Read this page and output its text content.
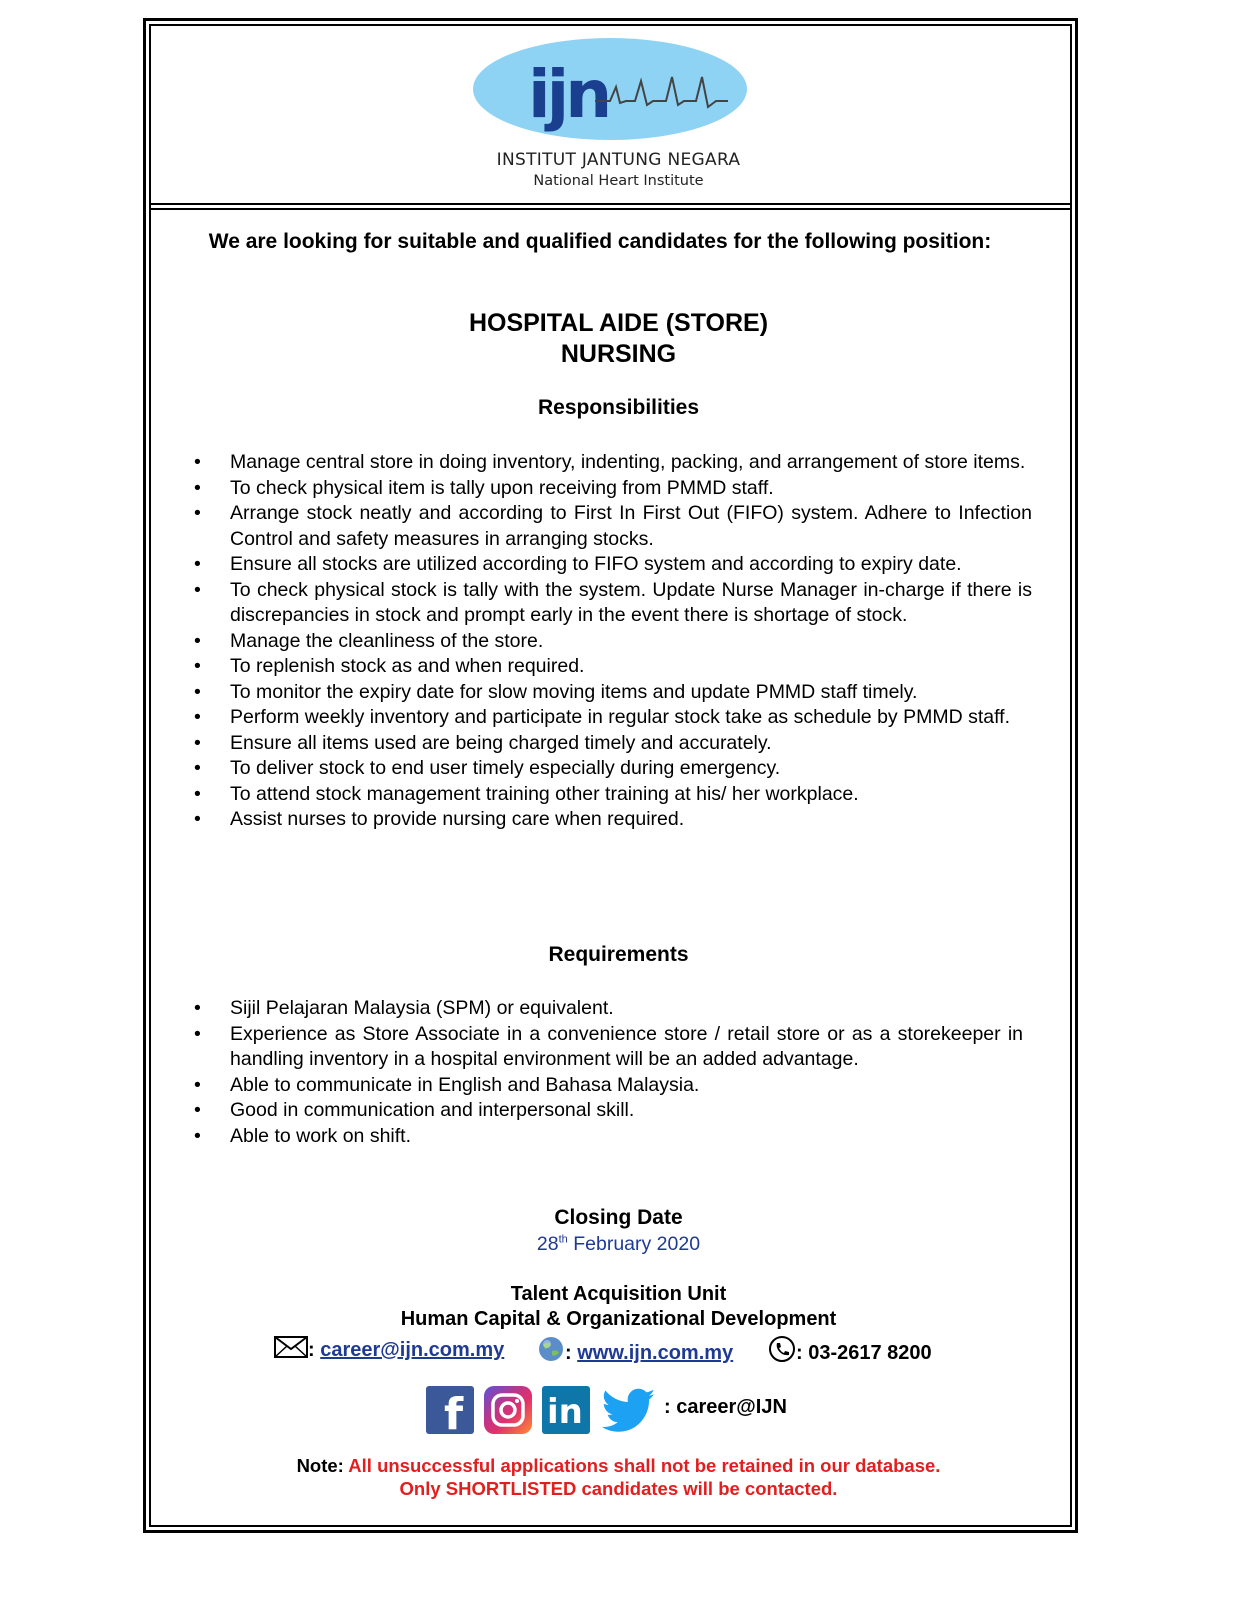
ijn
INSTITUT JANTUNG NEGARA
National Heart Institute
We are looking for suitable and qualified candidates for the following position:
HOSPITAL AIDE (STORE)
NURSING
Responsibilities
• Manage central store in doing inventory, indenting, packing, and arrangement of store items.
• To check physical item is tally upon receiving from PMMD staff.
• Arrange stock neatly and according to First In First Out (FIFO) system. Adhere to Infection Control and safety measures in arranging stocks.
• Ensure all stocks are utilized according to FIFO system and according to expiry date.
• To check physical stock is tally with the system. Update Nurse Manager in-charge if there is discrepancies in stock and prompt early in the event there is shortage of stock.
• Manage the cleanliness of the store.
• To replenish stock as and when required.
• To monitor the expiry date for slow moving items and update PMMD staff timely.
• Perform weekly inventory and participate in regular stock take as schedule by PMMD staff.
• Ensure all items used are being charged timely and accurately.
• To deliver stock to end user timely especially during emergency.
• To attend stock management training other training at his/ her workplace.
• Assist nurses to provide nursing care when required.
Requirements
• Sijil Pelajaran Malaysia (SPM) or equivalent.
• Experience as Store Associate in a convenience store / retail store or as a storekeeper in handling inventory in a hospital environment will be an added advantage.
• Able to communicate in English and Bahasa Malaysia.
• Good in communication and interpersonal skill.
• Able to work on shift.
Closing Date
28th February 2020
Talent Acquisition Unit
Human Capital & Organizational Development
: career@ijn.com.my	: www.ijn.com.my	: 03-2617 8200
f in	: career@IJN
Note: All unsuccessful applications shall not be retained in our database.
Only SHORTLISTED candidates will be contacted.
